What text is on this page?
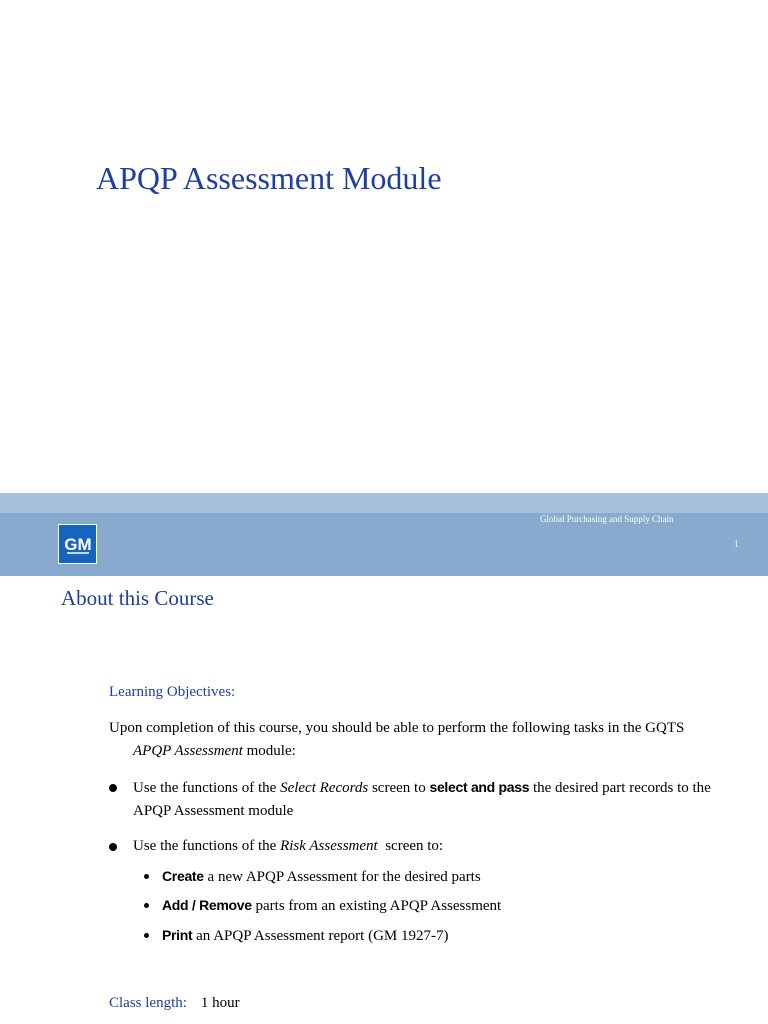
APQP Assessment Module
GM
Global Purchasing and Supply Chain
1
About this Course
Learning Objectives:
Upon completion of this course, you should be able to perform the following tasks in the GQTS
APQP Assessment module:
Use the functions of the Select Records screen to select and pass the desired part records to the
APQP Assessment module
Use the functions of the Risk Assessment  screen to:
Create a new APQP Assessment for the desired parts
Add / Remove parts from an existing APQP Assessment
Print an APQP Assessment report (GM 1927-7)
Class length: 1 hour
